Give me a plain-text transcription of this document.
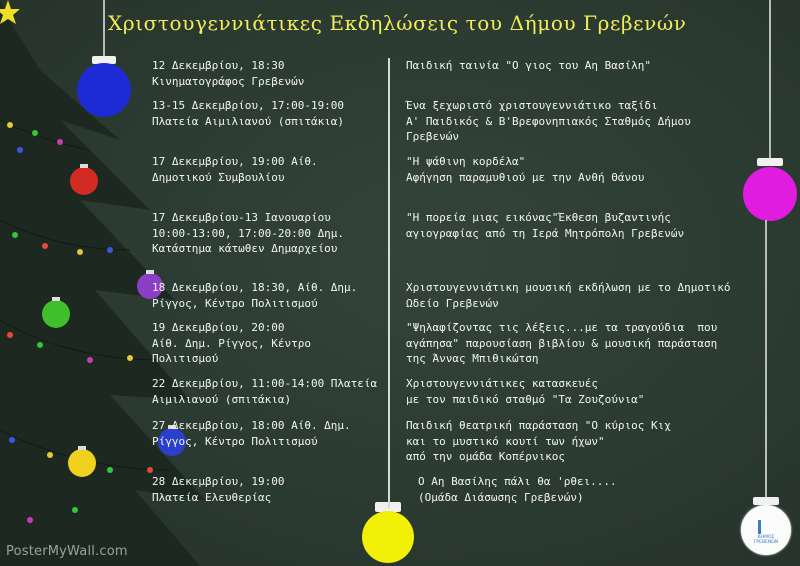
Χριστουγεννιάτικες Εκδηλώσεις του Δήμου Γρεβενών
12 Δεκεμβρίου, 18:30
Κινηματογράφος Γρεβενών
Παιδική ταινία "Ο γιος του Αη Βασίλη"
13-15 Δεκεμβρίου, 17:00-19:00
Πλατεία Αιμιλιανού (σπιτάκια)
Ένα ξεχωριστό χριστουγεννιάτικο ταξίδι
Α' Παιδικός & Β'Βρεφονηπιακός Σταθμός Δήμου
Γρεβενών
17 Δεκεμβρίου, 19:00 Αίθ.
Δημοτικού Συμβουλίου
"Η ψάθινη κορδέλα"
Αφήγηση παραμυθιού με την Ανθή Θάνου
17 Δεκεμβρίου-13 Ιανουαρίου
10:00-13:00, 17:00-20:00 Δημ.
Κατάστημα κάτωθεν Δημαρχείου
"Η πορεία μιας εικόνας"Έκθεση βυζαντινής
αγιογραφίας από τη Ιερά Μητρόπολη Γρεβενών
18 Δεκεμβρίου, 18:30, Αίθ. Δημ.
Ρίγγος, Κέντρο Πολιτισμού
Χριστουγεννιάτικη μουσική εκδήλωση με το Δημοτικό
Ωδείο Γρεβενών
19 Δεκεμβρίου, 20:00
Αίθ. Δημ. Ρίγγος, Κέντρο
Πολιτισμού
"Ψηλαφίζοντας τις λέξεις...με τα τραγούδια  που
αγάπησα" παρουσίαση βιβλίου & μουσική παράσταση
της Άννας Μπιθικώτση
22 Δεκεμβρίου, 11:00-14:00 Πλατεία
Αιμιλιανού (σπιτάκια)
Χριστουγεννιάτικες κατασκευές
με τον παιδικό σταθμό "Τα Ζουζούνια"
27 Δεκεμβρίου, 18:00 Αίθ. Δημ.
Ρίγγος, Κέντρο Πολιτισμού
Παιδική θεατρική παράσταση "Ο κύριος Κιχ
και το μυστικό κουτί των ήχων"
από την ομάδα Κοπέρνικος
28 Δεκεμβρίου, 19:00
Πλατεία Ελευθερίας
Ο Αη Βασίλης πάλι θα 'ρθει....
(Ομάδα Διάσωσης Γρεβενών)
ΔΗΜΟΣ ΓΡΕΒΕΝΩΝ
PosterMyWall.com
